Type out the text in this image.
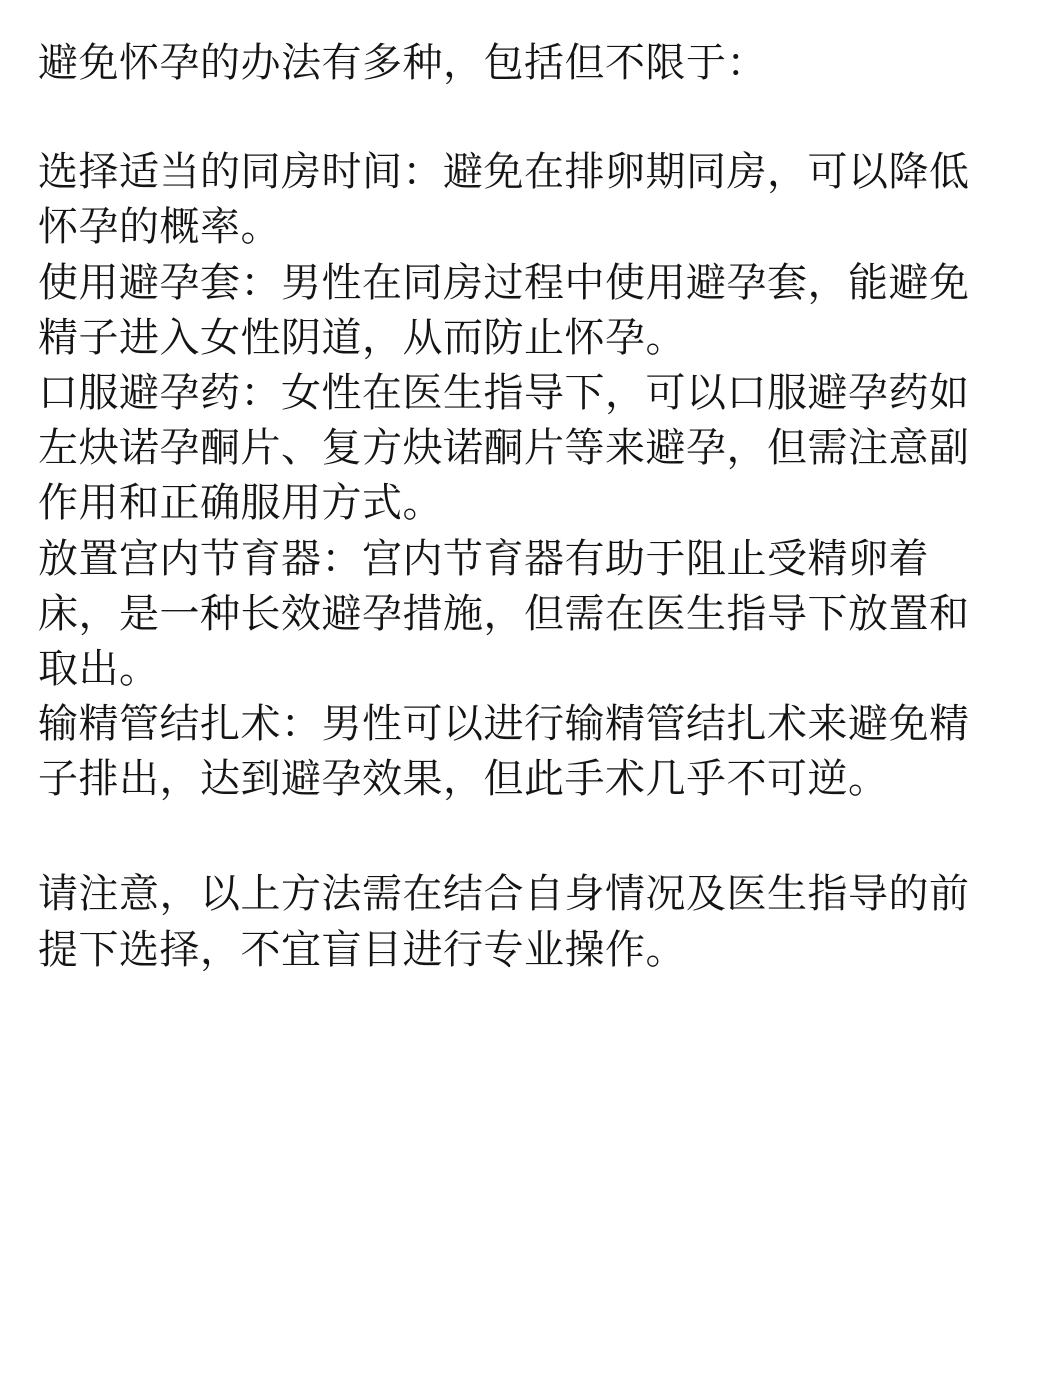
避免怀孕的办法有多种，包括但不限于：

选择适当的同房时间：避免在排卵期同房，可以降低怀孕的概率。

使用避孕套：男性在同房过程中使用避孕套，能避免精子进入女性阴道，从而防止怀孕。

口服避孕药：女性在医生指导下，可以口服避孕药如左炔诺孕酮片、复方炔诺酮片等来避孕，但需注意副作用和正确服用方式。

放置宫内节育器：宫内节育器有助于阻止受精卵着床，是一种长效避孕措施，但需在医生指导下放置和取出。

输精管结扎术：男性可以进行输精管结扎术来避免精子排出，达到避孕效果，但此手术几乎不可逆。

请注意，以上方法需在结合自身情况及医生指导的前提下选择，不宜盲目进行专业操作。
